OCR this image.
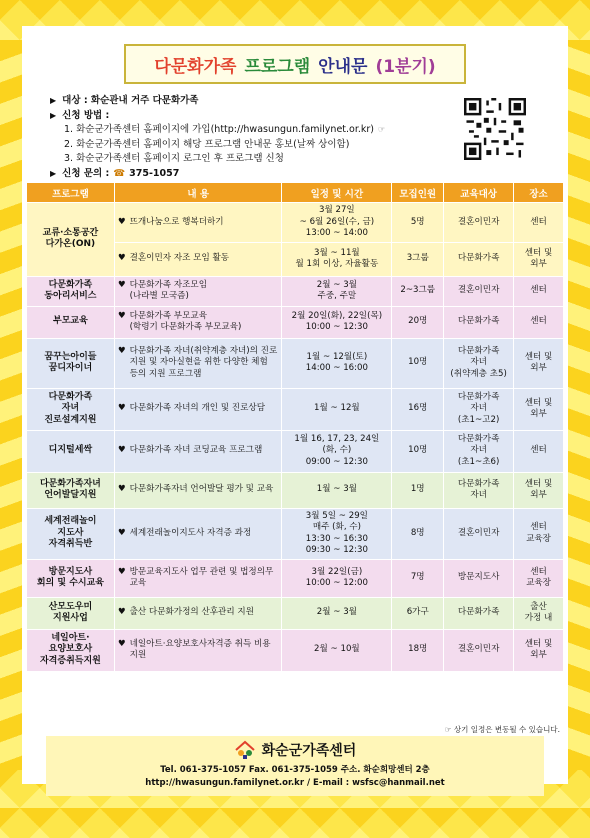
다문화가족 프로그램 안내문 (1분기)
▶ 대상 : 화순관내 거주 다문화가족
▶ 신청 방법 :
1. 화순군가족센터 홈페이지에 가입(http://hwasungun.familynet.or.kr) ☞
2. 화순군가족센터 홈페이지 해당 프로그램 안내문 홍보(날짜 상이함)
3. 화순군가족센터 홈페이지 로그인 후 프로그램 신청
▶ 신청 문의 : ☎ 375-1057
프로그램	내 용	일정 및 시간	모집인원	교육대상	장소
교류·소통공간
다가온(ON)	♥ 뜨개나눔으로 행복더하기	3월 27일
~ 6월 26일(수, 금)
13:00 ~ 14:00	5명	결혼이민자	센터

	♥ 결혼이민자 자조 모임 활동	3월 ~ 11월
월 1회 이상, 자율활동	3그룹	다문화가족	센터 및
외부
다문화가족
동아리서비스	♥ 다문화가족 자조모임
(나라별 모국즘)	2월 ~ 3월
주중, 주말	2~3그룹	결혼이민자	센터
부모교육	♥ 다문화가족 부모교육
(학령기 다문화가족 부모교육)	2월 20일(화), 22일(목)
10:00 ~ 12:30	20명	다문화가족	센터
꿈꾸는아이들
꿈디자이너	♥ 다문화가족 자녀(취약계층 자녀)의 진로지원 및 자아실현을 위한 다양한 체험 등의 지원 프로그램	1월 ~ 12월(토)
14:00 ~ 16:00	10명	다문화가족
자녀
(취약계층 초5)	센터 및
외부
다문화가족
자녀
진로설계지원	♥ 다문화가족 자녀의 개인 및 진로상담	1월 ~ 12월	16명	다문화가족
자녀
(초1~고2)	센터 및
외부
디지털세싹	♥ 다문화가족 자녀 코딩교육 프로그램	1월 16, 17, 23, 24일
(화, 수)
09:00 ~ 12:30	10명	다문화가족
자녀
(초1~초6)	센터
다문화가족자녀
언어발달지원	♥ 다문화가족자녀 언어발달 평가 및 교육	1월 ~ 3월	1명	다문화가족
자녀	센터 및
외부
세계전래놀이
지도사
자격취득반	♥ 세계전래놀이지도사 자격증 과정	3월 5일 ~ 29일
매주 (화, 수)
13:30 ~ 16:30
09:30 ~ 12:30	8명	결혼이민자	센터
교육장
방문지도사
회의 및 수시교육	♥ 방문교육지도사 업무 관련 및 법정의무교육	3월 22일(금)
10:00 ~ 12:00	7명	방문지도사	센터
교육장
산모도우미
지원사업	♥ 출산 다문화가정의 산후관리 지원	2월 ~ 3월	6가구	다문화가족	출산
가정 내
네일아트·
요양보호사
자격증취득지원	♥ 네일아트·요양보호사자격증 취득 비용지원	2월 ~ 10월	18명	결혼이민자	센터 및
외부
☞ 상기 일정은 변동될 수 있습니다.
화순군가족센터
Tel. 061-375-1057 Fax. 061-375-1059 주소. 화순희망센터 2층
http://hwasungun.familynet.or.kr / E-mail : wsfsc@hanmail.net
